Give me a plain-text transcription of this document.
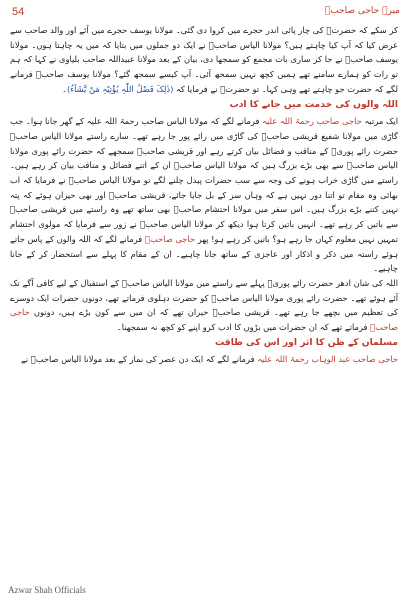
54	میرے حاجی صاحبؒ

کر سکے کہ حضرتؒ کی چار پائی اندر حجرے میں کروا دی گئی۔ مولانا یوسف حجرے میں آئے اور والد صاحب سے عرض کیا کہ آپ کیا چاہتے ہیں؟ مولانا الیاس صاحبؒ نے ایک دو جملوں میں بتایا کہ میں یہ چاہتا ہوں۔ مولانا یوسف صاحبؒ نے جا کر ساری بات مجمع کو سمجھا دی، بیان کے بعد مولانا عبیداللہ صاحب بلیاوی نے کہا کہ ہم تو رات کو ہمارے سامنے تھے ہمیں کچھ نہیں سمجھ آئی۔ آپ کیسے سمجھ گئے؟ مولانا یوسف صاحبؒ فرمانے لگے کہ حضرت جو چاہتے تھے وہی کہا۔ تو حضرتؒ نے فرمایا کہ (ذٰلِکَ فَضْلُ اللّٰہِ یُؤْتِیْہِ مَنْ یَّشَآءُ)۔

اللہ والوں کی خدمت میں جانے کا ادب

ایک مرتبہ حاجی صاحب رحمۃ اللہ علیہ فرمانے لگے کہ مولانا الیاس صاحب رحمۃ اللہ علیہ کے گھر جانا ہوا۔ جب گاڑی میں مولانا شفیع قریشی صاحبؒ کی گاڑی میں رائے پور جا رہے تھے۔ سارے راستے مولانا الیاس صاحبؒ حضرت رائے پوریؒ کے مناقب و فضائل بیان کرتے رہے اور قریشی صاحبؒ سمجھے کہ حضرت رائے پوری مولانا الیاس صاحبؒ سے بھی بڑے بزرگ ہیں کہ مولانا الیاس صاحبؒ ان کے اتنے فضائل و مناقب بیان کر رہے ہیں۔ راستے میں گاڑی خراب ہونے کی وجہ سے سب حضرات پیدل چلنے لگے تو مولانا الیاس صاحبؒ نے فرمایا کہ اب بھائی وہ مقام تو اتنا دور نہیں ہے کہ وہاں سر کے بل جایا جائے، قریشی صاحبؒ اور بھی حیران ہوئے کہ پتہ نہیں کتنے بڑے بزرگ ہیں۔ اس سفر میں مولانا احتشام صاحبؒ بھی ساتھ تھے وہ راستے میں قریشی صاحبؒ سے باتیں کر رہے تھے۔ انہیں باتیں کرتا ہوا دیکھ کر مولانا الیاس صاحبؒ نے زور سے فرمایا کہ مولوی احتشام تمہیں نہیں معلوم کہاں جا رہے ہو؟ باتیں کر رہے ہو! پھر حاجی صاحبؒ فرمانے لگے کہ اللہ والوں کے پاس جاتے ہوئے راستہ میں ذکر و اذکار اور عاجزی کے ساتھ جانا چاہیے۔ ان کے مقام کا پہلے سے استحضار کر کے جانا چاہیے۔

اللہ کی شان ادھر حضرت رائے پوریؒ پہلے سے راستے میں مولانا الیاس صاحبؒ کے استقبال کے لیے کافی آگے تک آئے ہوئے تھے۔ حضرت رائے پوری مولانا الیاس صاحبؒ کو حضرت دہلوی فرماتے تھے، دونوں حضرات ایک دوسرے کی تعظیم میں بچھے جا رہے تھے۔ قریشی صاحبؒ حیران تھے کہ ان میں سے کون بڑے ہیں، دونوں حاجی صاحبؒ فرماتے تھے کہ ان حضرات میں بڑوں کا ادب کرو اپنے کو کچھ نہ سمجھنا۔

مسلمان کے ظن کا اثر اور اس کی طاقت

حاجی صاحب عبد الوہاب رحمۃ اللہ علیہ فرمانے لگے کہ ایک دن عصر کی نماز کے بعد مولانا الیاس صاحبؒ نے

Azwar Shah Officials
